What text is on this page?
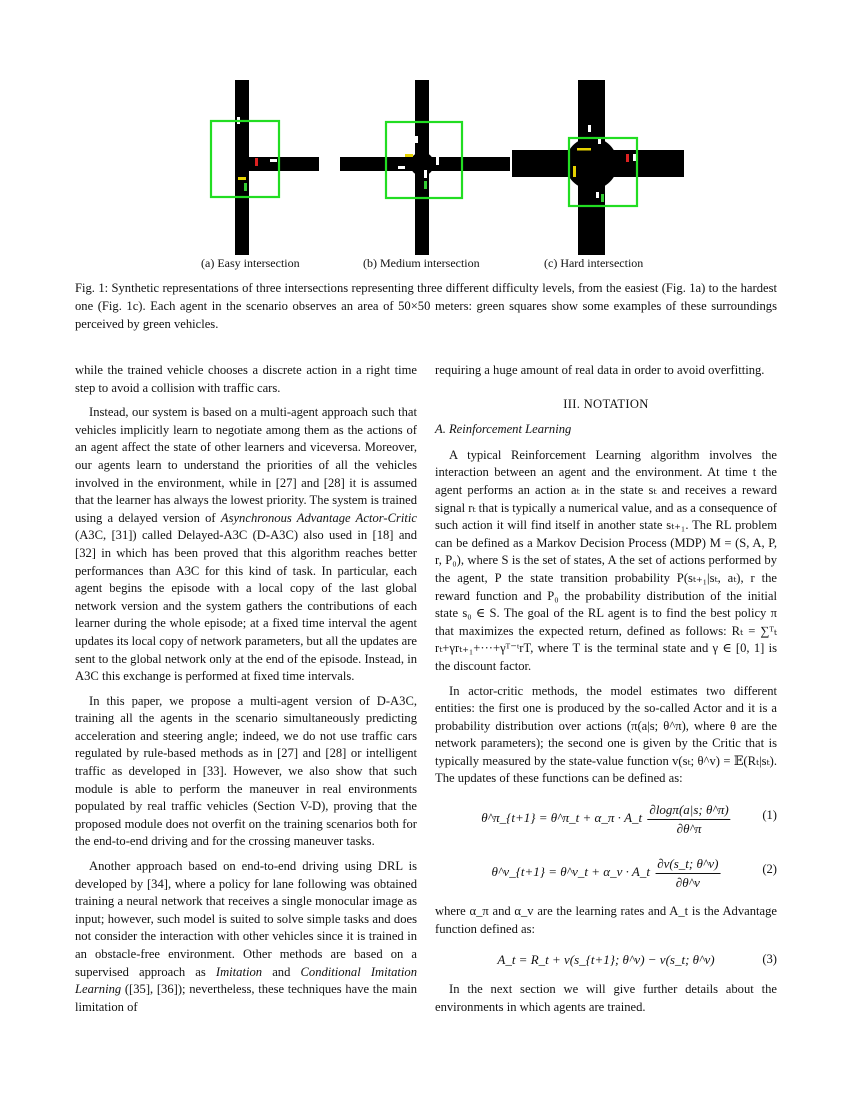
(a) Easy intersection	(b) Medium intersection	(c) Hard intersection
Fig. 1: Synthetic representations of three intersections representing three different difficulty levels, from the easiest (Fig. 1a) to the hardest one (Fig. 1c). Each agent in the scenario observes an area of 50×50 meters: green squares show some examples of these surroundings perceived by green vehicles.

while the trained vehicle chooses a discrete action in a right time step to avoid a collision with traffic cars.

Instead, our system is based on a multi-agent approach such that vehicles implicitly learn to negotiate among them as the actions of an agent affect the state of other learners and viceversa. Moreover, our agents learn to understand the priorities of all the vehicles involved in the environment, while in [27] and [28] it is assumed that the learner has always the lowest priority. The system is trained using a delayed version of Asynchronous Advantage Actor-Critic (A3C, [31]) called Delayed-A3C (D-A3C) also used in [18] and [32] in which has been proved that this algorithm reaches better performances than A3C for this kind of task. In particular, each agent begins the episode with a local copy of the last global network version and the system gathers the contributions of each learner during the whole episode; at a fixed time interval the agent updates its local copy of network parameters, but all the updates are sent to the global network only at the end of the episode. Instead, in A3C this exchange is performed at fixed time intervals.

In this paper, we propose a multi-agent version of D-A3C, training all the agents in the scenario simultaneously predicting acceleration and steering angle; indeed, we do not use traffic cars regulated by rule-based methods as in [27] and [28] or intelligent traffic as developed in [33]. However, we also show that such module is able to perform the maneuver in real environments populated by real traffic vehicles (Section V-D), proving that the proposed module does not overfit on the training scenarios both for the end-to-end driving and for the crossing maneuver tasks.

Another approach based on end-to-end driving using DRL is developed by [34], where a policy for lane following was obtained training a neural network that receives a single monocular image as input; however, such model is suited to solve simple tasks and does not consider the interaction with other vehicles since it is trained in an obstacle-free environment. Other methods are based on a supervised approach as Imitation and Conditional Imitation Learning ([35], [36]); nevertheless, these techniques have the main limitation of

requiring a huge amount of real data in order to avoid overfitting.

III. NOTATION
A. Reinforcement Learning

A typical Reinforcement Learning algorithm involves the interaction between an agent and the environment. At time t the agent performs an action aₜ in the state sₜ and receives a reward signal rₜ that is typically a numerical value, and as a consequence of such action it will find itself in another state sₜ₊₁. The RL problem can be defined as a Markov Decision Process (MDP) M = (S, A, P, r, P₀), where S is the set of states, A the set of actions performed by the agent, P the state transition probability P(sₜ₊₁|sₜ, aₜ), r the reward function and P₀ the probability distribution of the initial state s₀ ∈ S. The goal of the RL agent is to find the best policy π that maximizes the expected return, defined as follows: Rₜ = ∑ᵀₜ rₜ+γrₜ₊₁+···+γᵀ⁻ᵗrT, where T is the terminal state and γ ∈ [0, 1] is the discount factor.

In actor-critic methods, the model estimates two different entities: the first one is produced by the so-called Actor and it is a probability distribution over actions (π(a|s; θ^π), where θ are the network parameters); the second one is given by the Critic that is typically measured by the state-value function v(sₜ; θ^v) = 𝔼(Rₜ|sₜ). The updates of these functions can be defined as:

θ^π_{t+1} = θ^π_t + α_π · A_t $\frac{\partial\log\pi(a|s; \theta\^{}\pi)}{\partial\theta\^{}\pi}$	(1)
θ^v_{t+1} = θ^v_t + α_v · A_t $\frac{\partial v(s\_t; \theta\^{}v)}{\partial\theta\^{}v}$	(2)

where α_π and α_v are the learning rates and A_t is the Advantage function defined as:

A_t = R_t + v(s_{t+1}; θ^v) − v(s_t; θ^v)	(3)

In the next section we will give further details about the environments in which agents are trained.
